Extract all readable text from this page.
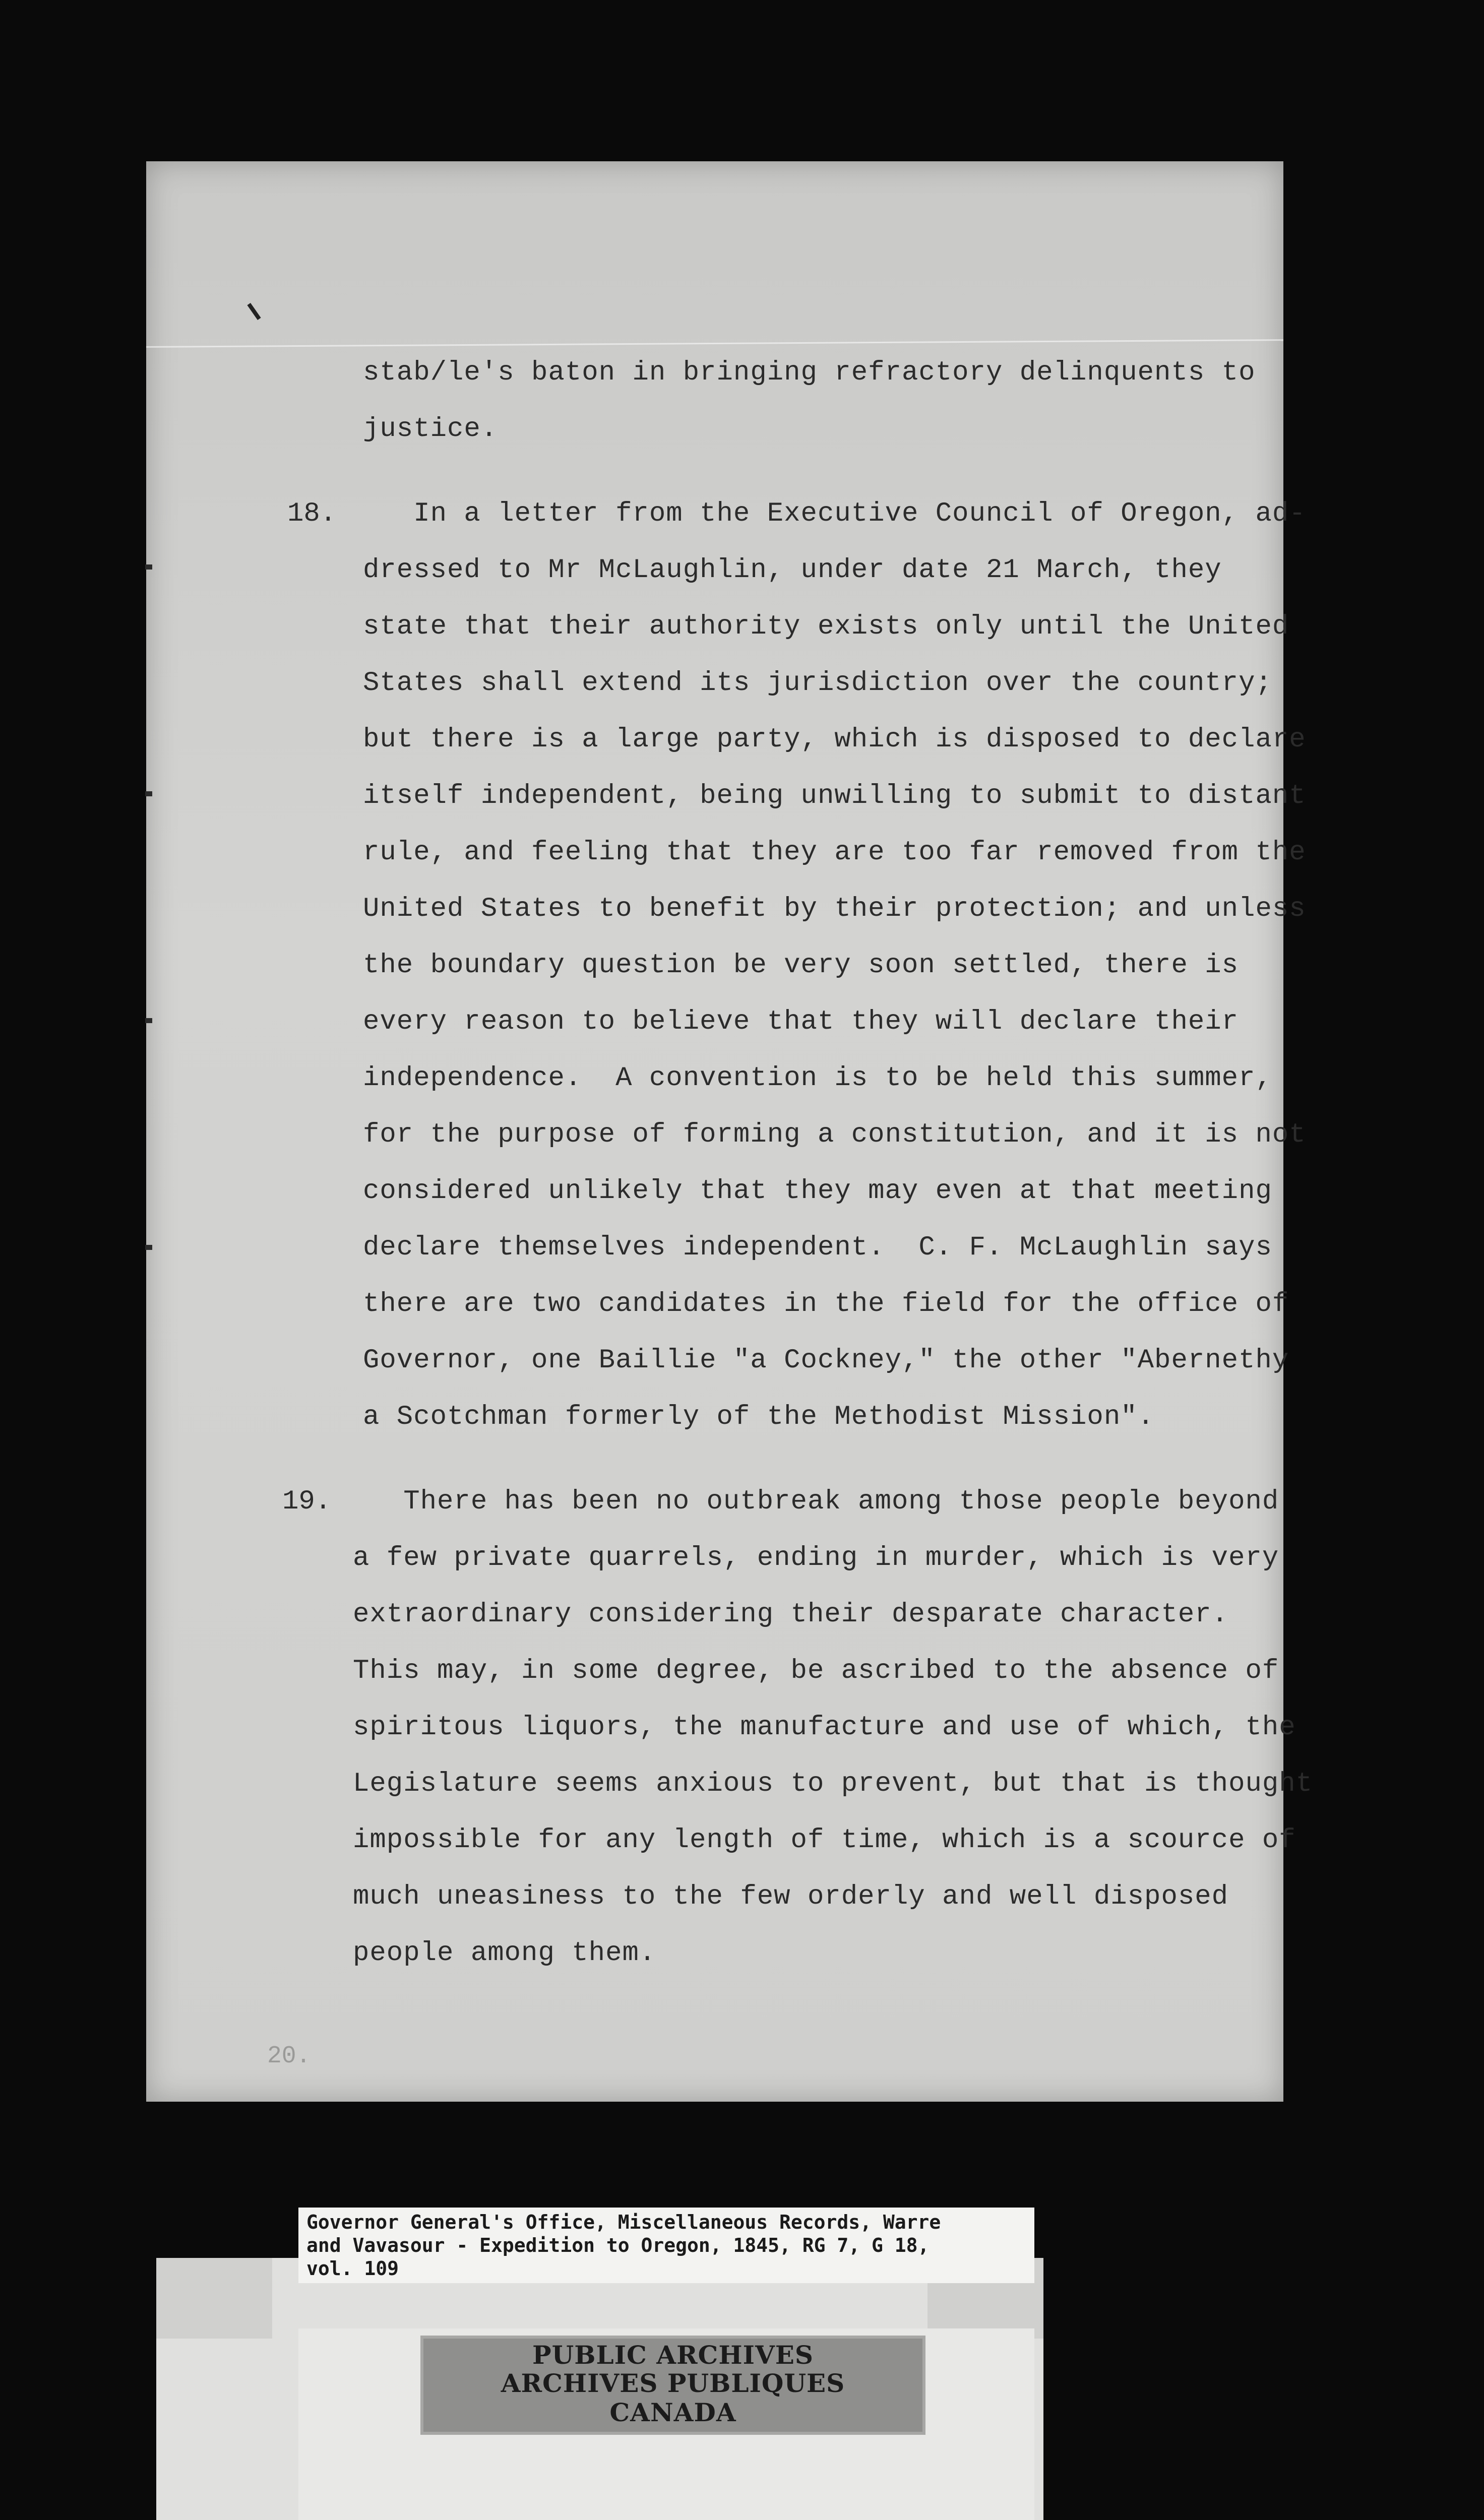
stab/le's baton in bringing refractory delinquents to

justice.

18. In a letter from the Executive Council of Oregon, ad-

dressed to Mr McLaughlin, under date 21 March, they

state that their authority exists only until the United

States shall extend its jurisdiction over the country;

but there is a large party, which is disposed to declare

itself independent, being unwilling to submit to distant

rule, and feeling that they are too far removed from the

United States to benefit by their protection; and unless

the boundary question be very soon settled, there is

every reason to believe that they will declare their

independence.  A convention is to be held this summer,

for the purpose of forming a constitution, and it is not

considered unlikely that they may even at that meeting

declare themselves independent.  C. F. McLaughlin says

there are two candidates in the field for the office of

Governor, one Baillie "a Cockney," the other "Abernethy

a Scotchman formerly of the Methodist Mission".

19. There has been no outbreak among those people beyond

a few private quarrels, ending in murder, which is very

extraordinary considering their desparate character.

This may, in some degree, be ascribed to the absence of

spiritous liquors, the manufacture and use of which, the

Legislature seems anxious to prevent, but that is thought

impossible for any length of time, which is a scource of

much uneasiness to the few orderly and well disposed

people among them.

20.

Governor General's Office, Miscellaneous Records, Warre

and Vavasour - Expedition to Oregon, 1845, RG 7, G 18,

vol. 109

PUBLIC ARCHIVES

ARCHIVES PUBLIQUES

CANADA
